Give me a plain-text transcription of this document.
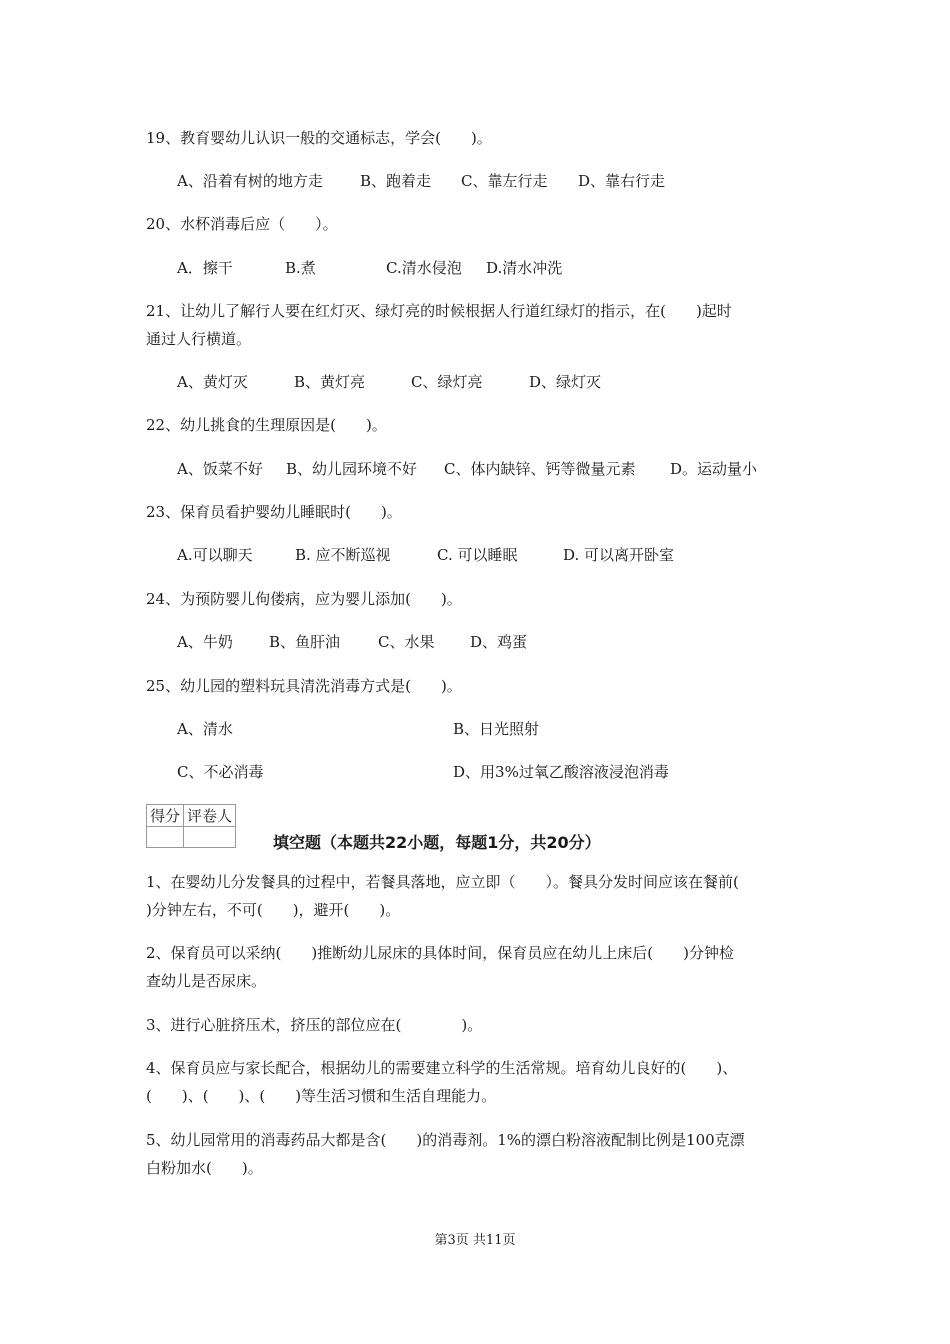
19、教育婴幼儿认识一般的交通标志，学会(　　)。
A、沿着有树的地方走 B、跑着走 C、靠左行走 D、靠右行走
20、水杯消毒后应（　　）。
A．擦干	B.煮	C.清水侵泡 D.清水冲洗
21、让幼儿了解行人要在红灯灭、绿灯亮的时候根据人行道红绿灯的指示，在(　　)起时
通过人行横道。
A、黄灯灭	B、黄灯亮	C、绿灯亮	D、绿灯灭
22、幼儿挑食的生理原因是(　　)。
A、饭菜不好 B、幼儿园环境不好 C、体内缺锌、钙等微量元素 D。运动量小
23、保育员看护婴幼儿睡眠时(　　)。
A.可以聊天	B. 应不断巡视	C. 可以睡眠	D. 可以离开卧室
24、为预防婴儿佝偻病，应为婴儿添加(　　)。
A、牛奶 B、鱼肝油	C、水果 D、鸡蛋
25、幼儿园的塑料玩具清洗消毒方式是(　　)。
A、清水	B、日光照射
C、不必消毒	D、用3%过氧乙酸溶液浸泡消毒
得分	评卷人

填空题（本题共22小题，每题1分，共20分）
1、在婴幼儿分发餐具的过程中，若餐具落地，应立即（　　）。餐具分发时间应该在餐前(
)分钟左右，不可(　　)，避开(　　)。
2、保育员可以采纳(　　)推断幼儿尿床的具体时间，保育员应在幼儿上床后(　　)分钟检
查幼儿是否尿床。
3、进行心脏挤压术，挤压的部位应在(　　　　)。
4、保育员应与家长配合，根据幼儿的需要建立科学的生活常规。培育幼儿良好的(　　)、
(　　)、(　　)、(　　)等生活习惯和生活自理能力。
5、幼儿园常用的消毒药品大都是含(　　)的消毒剂。1%的漂白粉溶液配制比例是100克漂
白粉加水(　　)。
第3页 共11页
